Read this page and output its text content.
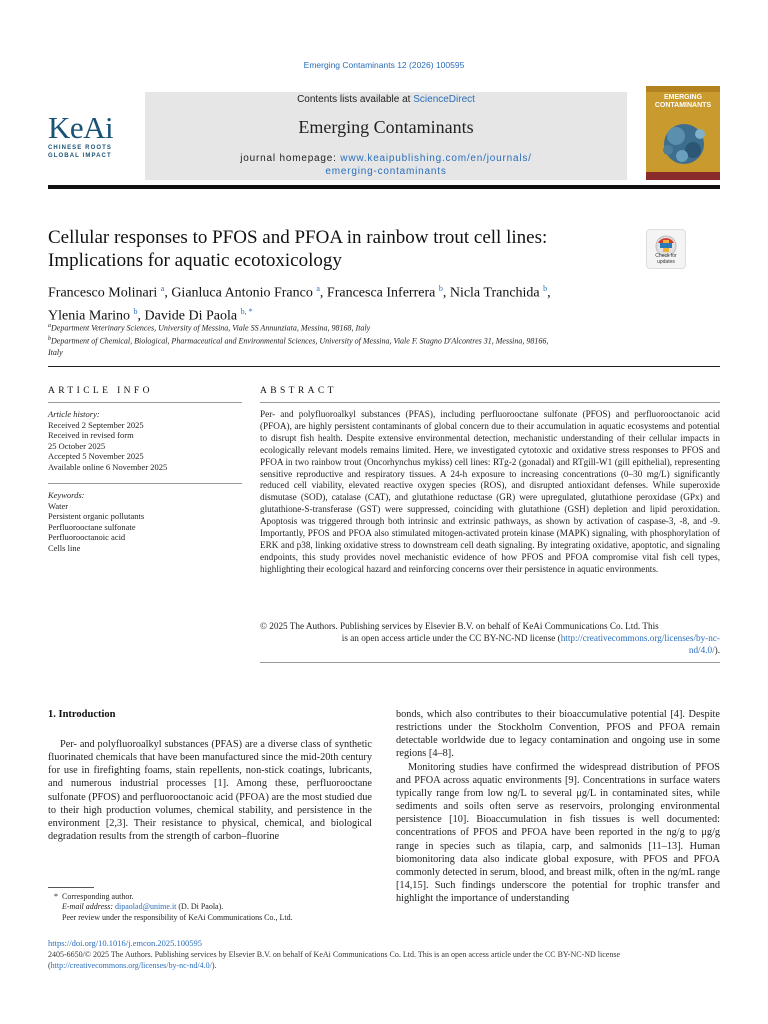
Emerging Contaminants 12 (2026) 100595
Contents lists available at ScienceDirect
Emerging Contaminants
journal homepage: www.keaipublishing.com/en/journals/
emerging-contaminants
KeAi
CHINESE ROOTS
GLOBAL IMPACT
EMERGING
CONTAMINANTS
Cellular responses to PFOS and PFOA in rainbow trout cell lines:
Implications for aquatic ecotoxicology	Check for updates
Francesco Molinari $^a$, Gianluca Antonio Franco $^a$, Francesca Inferrera $^b$, Nicla Tranchida $^b$,
Ylenia Marino $^b$, Davide Di Paola $^{b, *}$
$^a$Department Veterinary Sciences, University of Messina, Viale SS Annunziata, Messina, 98168, Italy
$^b$Department of Chemical, Biological, Pharmaceutical and Environmental Sciences, University of Messina, Viale F. Stagno D'Alcontres 31, Messina, 98166,
Italy
ARTICLE INFO	ABSTRACT
Article history:
Received 2 September 2025
Received in revised form
25 October 2025
Accepted 5 November 2025
Available online 6 November 2025
Keywords:
Water
Persistent organic pollutants
Perfluorooctane sulfonate
Perfluorooctanoic acid
Cells line
Per- and polyfluoroalkyl substances (PFAS), including perfluorooctane sulfonate (PFOS) and perfluorooctanoic acid (PFOA), are highly persistent contaminants of global concern due to their accumulation in aquatic ecosystems and potential to disrupt fish health. Despite extensive environmental detection, mechanistic understanding of their cellular impacts in ecologically relevant models remains limited. Here, we investigated cytotoxic and oxidative stress responses to PFOS and PFOA in two rainbow trout (Oncorhynchus mykiss) cell lines: RTg-2 (gonadal) and RTgill-W1 (gill epithelial), representing sensitive reproductive and respiratory tissues. A 24-h exposure to increasing concentrations (0–30 mg/L) significantly reduced cell viability, elevated reactive oxygen species (ROS), and disrupted antioxidant defenses. While superoxide dismutase (SOD), catalase (CAT), and glutathione reductase (GR) were upregulated, glutathione peroxidase (GPx) and glutathione-S-transferase (GST) were suppressed, coinciding with glutathione (GSH) depletion and lipid peroxidation. Apoptosis was triggered through both intrinsic and extrinsic pathways, as shown by activation of caspase-3, -8, and -9. Importantly, PFOS and PFOA also stimulated mitogen-activated protein kinase (MAPK) signaling, with phosphorylation of ERK and p38, linking oxidative stress to downstream cell death signaling. By integrating oxidative, apoptotic, and signaling endpoints, this study provides novel mechanistic evidence of how PFOS and PFOA compromise vital fish cell types, highlighting their ecological hazard and reinforcing concerns over their persistence in aquatic environments.
© 2025 The Authors. Publishing services by Elsevier B.V. on behalf of KeAi Communications Co. Ltd. This
is an open access article under the CC BY-NC-ND license (http://creativecommons.org/licenses/by-nc-
nd/4.0/).
1. Introduction

Per- and polyfluoroalkyl substances (PFAS) are a diverse class of synthetic fluorinated chemicals that have been manufactured since the mid-20th century for use in firefighting foams, stain repellents, non-stick coatings, lubricants, and numerous industrial processes [1]. Among these, perfluorooctane sulfonate (PFOS) and perfluorooctanoic acid (PFOA) are the most studied due to their high production volumes, chemical stability, and persistence in the environment [2,3]. Their resistance to physical, chemical, and biological degradation results from the strength of carbon–fluorine

bonds, which also contributes to their bioaccumulative potential [4]. Despite restrictions under the Stockholm Convention, PFOS and PFOA remain detectable worldwide due to legacy contamination and ongoing use in some regions [4–8].

Monitoring studies have confirmed the widespread distribution of PFOS and PFOA across aquatic environments [9]. Concentrations in surface waters typically range from low ng/L to several μg/L in contaminated sites, while sediments and soils often serve as reservoirs, prolonging environmental persistence [10]. Bioaccumulation in fish tissues is well documented: concentrations of PFOS and PFOA have been reported in the ng/g to μg/g range in species such as tilapia, carp, and salmonids [11–13]. Human biomonitoring data also indicate global exposure, with PFOS and PFOA commonly detected in serum, blood, and breast milk, often in the ng/mL range [14,15]. Such findings underscore the potential for trophic transfer and highlight the importance of understanding

*  Corresponding author.
E-mail address: dipaolad@unime.it (D. Di Paola).
Peer review under the responsibility of KeAi Communications Co., Ltd.
https://doi.org/10.1016/j.emcon.2025.100595
2405-6650/© 2025 The Authors. Publishing services by Elsevier B.V. on behalf of KeAi Communications Co. Ltd. This is an open access article under the CC BY-NC-ND license
(http://creativecommons.org/licenses/by-nc-nd/4.0/).
